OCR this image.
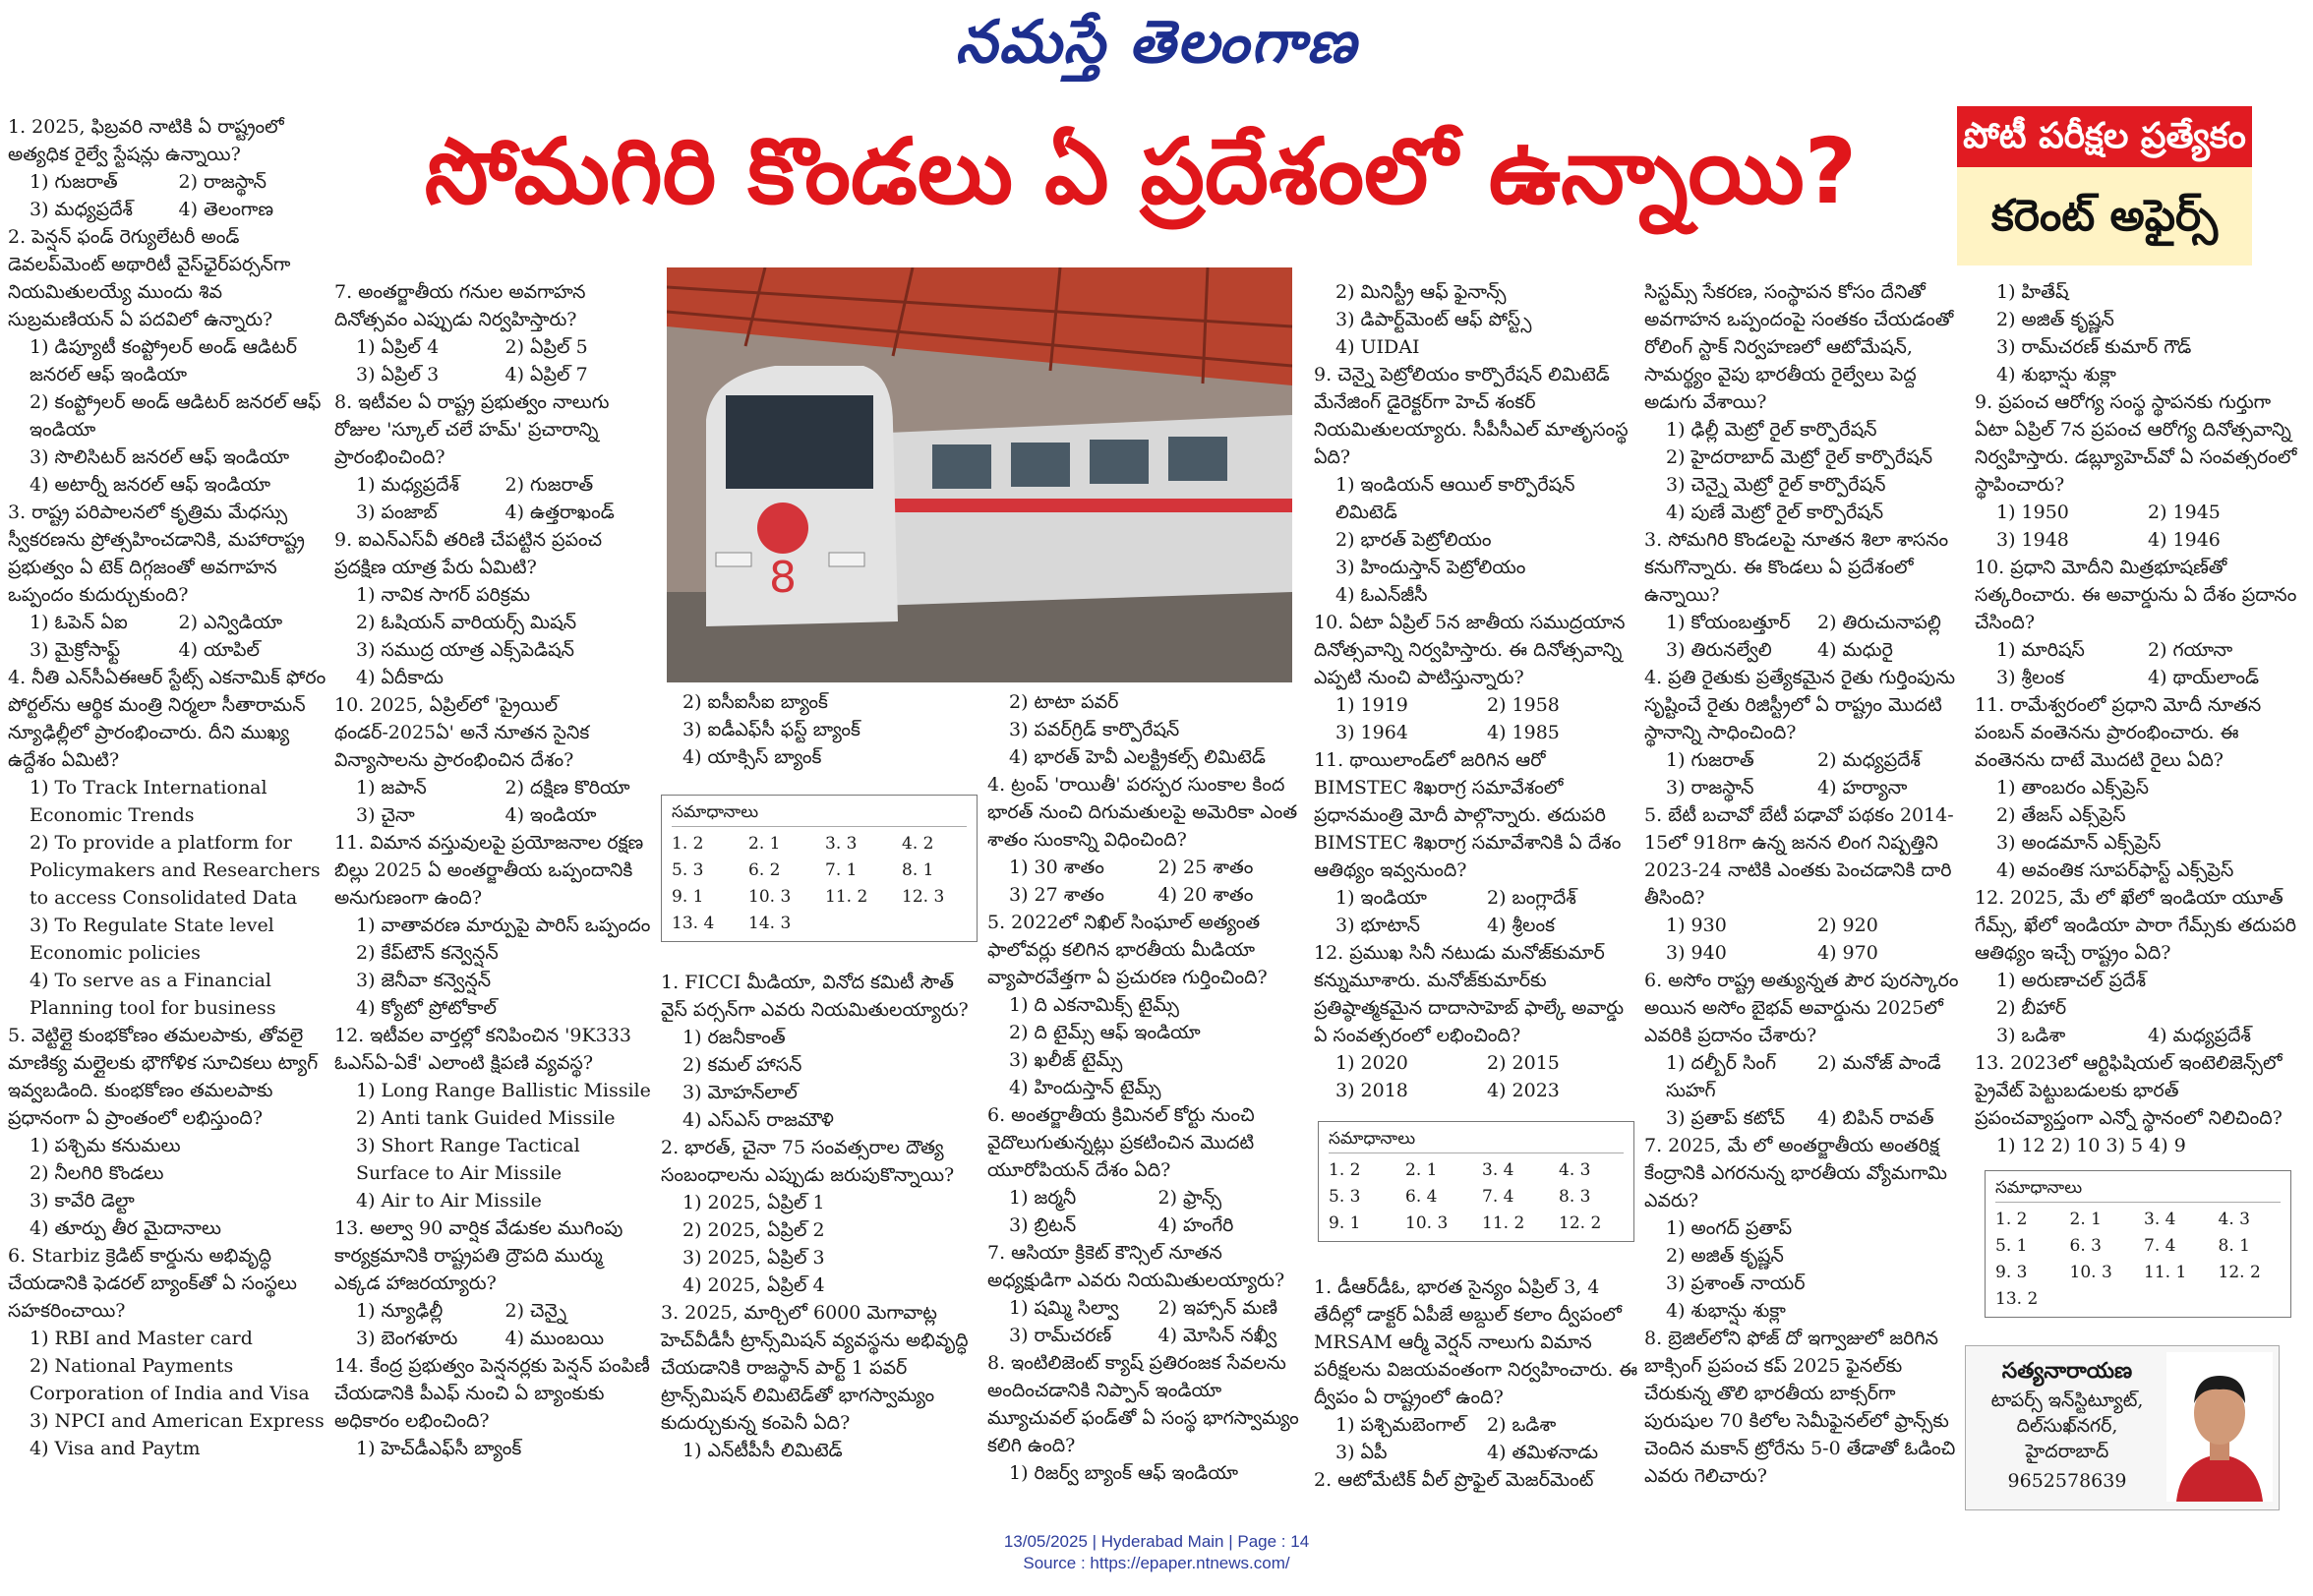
నమస్తే తెలంగాణ
సోమగిరి కొండలు ఏ ప్రదేశంలో ఉన్నాయి?	పోటీ పరీక్షల ప్రత్యేకం
కరెంట్ అఫైర్స్
8

1. 2025, ఫిబ్రవరి నాటికి ఏ రాష్ట్రంలో అత్యధిక రైల్వే స్టేషన్లు ఉన్నాయి?

1) గుజరాత్	2) రాజస్థాన్
3) మధ్యప్రదేశ్	4) తెలంగాణ

2. పెన్షన్ ఫండ్ రెగ్యులేటరీ అండ్ డెవలప్‌మెంట్ అథారిటీ వైస్‌ఛైర్‌పర్సన్‌గా నియమితులయ్యే ముందు శివ సుబ్రమణియన్ ఏ పదవిలో ఉన్నారు?

1) డిప్యూటీ కంప్ట్రోలర్ అండ్ ఆడిటర్ జనరల్ ఆఫ్ ఇండియా

2) కంప్ట్రోలర్ అండ్ ఆడిటర్ జనరల్ ఆఫ్ ఇండియా

3) సొలిసిటర్ జనరల్ ఆఫ్ ఇండియా

4) అటార్నీ జనరల్ ఆఫ్ ఇండియా

3. రాష్ట్ర పరిపాలనలో కృత్రిమ మేధస్సు స్వీకరణను ప్రోత్సహించడానికి, మహారాష్ట్ర ప్రభుత్వం ఏ టెక్ దిగ్గజంతో అవగాహన ఒప్పందం కుదుర్చుకుంది?

1) ఓపెన్ ఏఐ	2) ఎన్విడియా
3) మైక్రోసాఫ్ట్	4) యాపిల్

4. నీతి ఎన్‌సీఏఈఆర్ స్టేట్స్ ఎకనామిక్ ఫోరం పోర్టల్‌ను ఆర్థిక మంత్రి నిర్మలా సీతారామన్ న్యూఢిల్లీలో ప్రారంభించారు. దీని ముఖ్య ఉద్దేశం ఏమిటి?

1) To Track International Economic Trends

2) To provide a platform for Policymakers and Researchers to access Consolidated Data

3) To Regulate State level Economic policies

4) To serve as a Financial Planning tool for business

5. వెట్టిల్లై కుంభకోణం తమలపాకు, తోవలై మాణిక్య మల్లైలకు భౌగోళిక సూచికలు ట్యాగ్ ఇవ్వబడింది. కుంభకోణం తమలపాకు ప్రధానంగా ఏ ప్రాంతంలో లభిస్తుంది?

1) పశ్చిమ కనుమలు

2) నీలగిరి కొండలు

3) కావేరి డెల్టా

4) తూర్పు తీర మైదానాలు

6. Starbiz క్రెడిట్ కార్డును అభివృద్ధి చేయడానికి ఫెడరల్ బ్యాంక్‌తో ఏ సంస్థలు సహకరించాయి?

1) RBI and Master card

2) National Payments Corporation of India and Visa

3) NPCI and American Express

4) Visa and Paytm

7. అంతర్జాతీయ గనుల అవగాహన దినోత్సవం ఎప్పుడు నిర్వహిస్తారు?

1) ఏప్రిల్ 4	2) ఏప్రిల్ 5
3) ఏప్రిల్ 3	4) ఏప్రిల్ 7

8. ఇటీవల ఏ రాష్ట్ర ప్రభుత్వం నాలుగు రోజుల 'స్కూల్ చలే హమ్' ప్రచారాన్ని ప్రారంభించింది?

1) మధ్యప్రదేశ్	2) గుజరాత్
3) పంజాబ్	4) ఉత్తరాఖండ్

9. ఐఎన్‌ఎస్‌వీ తరిణి చేపట్టిన ప్రపంచ ప్రదక్షిణ యాత్ర పేరు ఏమిటి?

1) నావిక సాగర్ పరిక్రమ

2) ఓషియన్ వారియర్స్ మిషన్

3) సముద్ర యాత్ర ఎక్స్‌పెడిషన్

4) ఏదీకాదు

10. 2025, ఏప్రిల్‌లో 'ప్రైయిల్ థండర్-2025ఏ' అనే నూతన సైనిక విన్యాసాలను ప్రారంభించిన దేశం?

1) జపాన్	2) దక్షిణ కొరియా
3) చైనా	4) ఇండియా

11. విమాన వస్తువులపై ప్రయోజనాల రక్షణ బిల్లు 2025 ఏ అంతర్జాతీయ ఒప్పందానికి అనుగుణంగా ఉంది?

1) వాతావరణ మార్పుపై పారిస్ ఒప్పందం

2) కేప్‌టౌన్ కన్వెన్షన్

3) జెనీవా కన్వెన్షన్

4) క్యోటో ప్రోటోకాల్

12. ఇటీవల వార్తల్లో కనిపించిన '9K333 ఓఎస్‌ఏ-ఏకే' ఎలాంటి క్షిపణి వ్యవస్థ?

1) Long Range Ballistic Missile

2) Anti tank Guided Missile

3) Short Range Tactical Surface to Air Missile

4) Air to Air Missile

13. అల్వా 90 వార్షిక వేడుకల ముగింపు కార్యక్రమానికి రాష్ట్రపతి ద్రౌపది ముర్ము ఎక్కడ హాజరయ్యారు?

1) న్యూఢిల్లీ	2) చెన్నై
3) బెంగళూరు	4) ముంబయి

14. కేంద్ర ప్రభుత్వం పెన్షనర్లకు పెన్షన్ పంపిణీ చేయడానికి పీఎఫ్ నుంచి ఏ బ్యాంకుకు అధికారం లభించింది?

1) హెచ్‌డీఎఫ్‌సీ బ్యాంక్

2) ఐసీఐసీఐ బ్యాంక్

3) ఐడీఎఫ్‌సీ ఫస్ట్ బ్యాంక్

4) యాక్సిస్ బ్యాంక్

సమాధానాలు
1. 2	2. 1	3. 3	4. 2
5. 3	6. 2	7. 1	8. 1
9. 1	10. 3	11. 2	12. 3
13. 4	14. 3

1. FICCI మీడియా, వినోద కమిటీ సౌత్ వైస్ పర్సన్‌గా ఎవరు నియమితులయ్యారు?

1) రజనీకాంత్

2) కమల్ హాసన్

3) మోహన్‌లాల్

4) ఎస్ఎస్ రాజమౌళి

2. భారత్, చైనా 75 సంవత్సరాల దౌత్య సంబంధాలను ఎప్పుడు జరుపుకొన్నాయి?

1) 2025, ఏప్రిల్ 1

2) 2025, ఏప్రిల్ 2

3) 2025, ఏప్రిల్ 3

4) 2025, ఏప్రిల్ 4

3. 2025, మార్చిలో 6000 మెగావాట్ల హెచ్‌వీడీసీ ట్రాన్స్‌మిషన్ వ్యవస్థను అభివృద్ధి చేయడానికి రాజస్థాన్ పార్ట్ 1 పవర్ ట్రాన్స్‌మిషన్ లిమిటెడ్‌తో భాగస్వామ్యం కుదుర్చుకున్న కంపెనీ ఏది?

1) ఎన్‌టీపీసీ లిమిటెడ్

2) టాటా పవర్

3) పవర్‌గ్రిడ్ కార్పొరేషన్

4) భారత్ హెవీ ఎలక్ట్రికల్స్ లిమిటెడ్

4. ట్రంప్ 'రాయితీ' పరస్పర సుంకాల కింద భారత్ నుంచి దిగుమతులపై అమెరికా ఎంత శాతం సుంకాన్ని విధించింది?

1) 30 శాతం	2) 25 శాతం
3) 27 శాతం	4) 20 శాతం

5. 2022లో నిఖిల్ సింఘాల్ అత్యంత ఫాలోవర్లు కలిగిన భారతీయ మీడియా వ్యాపారవేత్తగా ఏ ప్రచురణ గుర్తించింది?

1) ది ఎకనామిక్స్ టైమ్స్

2) ది టైమ్స్ ఆఫ్ ఇండియా

3) ఖలీజ్ టైమ్స్

4) హిందుస్తాన్ టైమ్స్

6. అంతర్జాతీయ క్రిమినల్ కోర్టు నుంచి వైదొలుగుతున్నట్లు ప్రకటించిన మొదటి యూరోపియన్ దేశం ఏది?

1) జర్మనీ	2) ఫ్రాన్స్
3) బ్రిటన్	4) హంగేరి

7. ఆసియా క్రికెట్ కౌన్సిల్ నూతన అధ్యక్షుడిగా ఎవరు నియమితులయ్యారు?

1) షమ్మి సిల్వా	2) ఇహ్సాన్ మణి
3) రామ్‌చరణ్	4) మోసిన్ నఖ్వీ

8. ఇంటిలిజెంట్ క్యాష్ ప్రతిరంజక సేవలను అందించడానికి నిప్పాన్ ఇండియా మ్యూచువల్ ఫండ్‌తో ఏ సంస్థ భాగస్వామ్యం కలిగి ఉంది?

1) రిజర్వ్ బ్యాంక్ ఆఫ్ ఇండియా

2) మినిస్ట్రీ ఆఫ్ ఫైనాన్స్

3) డిపార్ట్‌మెంట్ ఆఫ్ పోస్ట్స్

4) UIDAI

9. చెన్నై పెట్రోలియం కార్పొరేషన్ లిమిటెడ్ మేనేజింగ్ డైరెక్టర్‌గా హెచ్ శంకర్ నియమితులయ్యారు. సీపీసీఎల్ మాతృసంస్థ ఏది?

1) ఇండియన్ ఆయిల్ కార్పొరేషన్ లిమిటెడ్

2) భారత్ పెట్రోలియం

3) హిందుస్తాన్ పెట్రోలియం

4) ఓఎన్‌జీసీ

10. ఏటా ఏప్రిల్ 5న జాతీయ సముద్రయాన దినోత్సవాన్ని నిర్వహిస్తారు. ఈ దినోత్సవాన్ని ఎప్పటి నుంచి పాటిస్తున్నారు?

1) 1919	2) 1958
3) 1964	4) 1985

11. థాయిలాండ్‌లో జరిగిన ఆరో BIMSTEC శిఖరాగ్ర సమావేశంలో ప్రధానమంత్రి మోదీ పాల్గొన్నారు. తదుపరి BIMSTEC శిఖరాగ్ర సమావేశానికి ఏ దేశం ఆతిథ్యం ఇవ్వనుంది?

1) ఇండియా	2) బంగ్లాదేశ్
3) భూటాన్	4) శ్రీలంక

12. ప్రముఖ సినీ నటుడు మనోజ్‌కుమార్ కన్నుమూశారు. మనోజ్‌కుమార్‌కు ప్రతిష్ఠాత్మకమైన దాదాసాహెబ్ ఫాల్కే అవార్డు ఏ సంవత్సరంలో లభించింది?

1) 2020	2) 2015
3) 2018	4) 2023
సమాధానాలు
1. 2	2. 1	3. 4	4. 3
5. 3	6. 4	7. 4	8. 3
9. 1	10. 3	11. 2	12. 2

1. డీఆర్‌డీఓ, భారత సైన్యం ఏప్రిల్ 3, 4 తేదీల్లో డాక్టర్ ఏపీజే అబ్దుల్ కలాం ద్వీపంలో MRSAM ఆర్మీ వెర్షన్ నాలుగు విమాన పరీక్షలను విజయవంతంగా నిర్వహించారు. ఈ ద్వీపం ఏ రాష్ట్రంలో ఉంది?

1) పశ్చిమబెంగాల్	2) ఒడిశా
3) ఏపీ	4) తమిళనాడు

2. ఆటోమేటిక్ వీల్ ప్రొఫైల్ మెజర్‌మెంట్

సిస్టమ్స్ సేకరణ, సంస్థాపన కోసం దేనితో అవగాహన ఒప్పందంపై సంతకం చేయడంతో రోలింగ్ స్టాక్ నిర్వహణలో ఆటోమేషన్, సామర్థ్యం వైపు భారతీయ రైల్వేలు పెద్ద అడుగు వేశాయి?

1) ఢిల్లీ మెట్రో రైల్ కార్పొరేషన్

2) హైదరాబాద్ మెట్రో రైల్ కార్పొరేషన్

3) చెన్నై మెట్రో రైల్ కార్పొరేషన్

4) పుణే మెట్రో రైల్ కార్పొరేషన్

3. సోమగిరి కొండలపై నూతన శిలా శాసనం కనుగొన్నారు. ఈ కొండలు ఏ ప్రదేశంలో ఉన్నాయి?

1) కోయంబత్తూర్	2) తిరుచునాపల్లి
3) తిరునల్వేలి	4) మధురై

4. ప్రతి రైతుకు ప్రత్యేకమైన రైతు గుర్తింపును సృష్టించే రైతు రిజిస్ట్రీలో ఏ రాష్ట్రం మొదటి స్థానాన్ని సాధించింది?

1) గుజరాత్	2) మధ్యప్రదేశ్
3) రాజస్థాన్	4) హర్యానా

5. బేటీ బచావో బేటీ పఢావో పథకం 2014-15లో 918గా ఉన్న జనన లింగ నిష్పత్తిని 2023-24 నాటికి ఎంతకు పెంచడానికి దారి తీసింది?

1) 930	2) 920
3) 940	4) 970

6. అసోం రాష్ట్ర అత్యున్నత పౌర పురస్కారం అయిన అసోం బైభవ్ అవార్డును 2025లో ఎవరికి ప్రదానం చేశారు?

1) దల్బీర్ సింగ్ సుహగ్
2) మనోజ్ పాండే
3) ప్రతాప్ కటోచ్	4) బిపిన్ రావత్

7. 2025, మే లో అంతర్జాతీయ అంతరిక్ష కేంద్రానికి ఎగరనున్న భారతీయ వ్యోమగామి ఎవరు?

1) అంగద్ ప్రతాప్

2) అజిత్ కృష్ణన్

3) ప్రశాంత్ నాయర్

4) శుభాన్షు శుక్లా

8. బ్రెజిల్‌లోని ఫోజ్ దో ఇగ్వాజులో జరిగిన బాక్సింగ్ ప్రపంచ కప్ 2025 ఫైనల్‌కు చేరుకున్న తొలి భారతీయ బాక్సర్‌గా పురుషుల 70 కిలోల సెమీఫైనల్‌లో ఫ్రాన్స్‌కు చెందిన మకాన్ ట్రోరేను 5-0 తేడాతో ఓడించి ఎవరు గెలిచారు?

1) హితేష్

2) అజిత్ కృష్ణన్

3) రామ్‌చరణ్ కుమార్ గౌడ్

4) శుభాన్షు శుక్లా

9. ప్రపంచ ఆరోగ్య సంస్థ స్థాపనకు గుర్తుగా ఏటా ఏప్రిల్ 7న ప్రపంచ ఆరోగ్య దినోత్సవాన్ని నిర్వహిస్తారు. డబ్ల్యూహెచ్‌వో ఏ సంవత్సరంలో స్థాపించారు?

1) 1950	2) 1945
3) 1948	4) 1946

10. ప్రధాని మోదీని మిత్రభూషణ్‌తో సత్కరించారు. ఈ అవార్డును ఏ దేశం ప్రదానం చేసింది?

1) మారిషస్	2) గయానా
3) శ్రీలంక	4) థాయ్‌లాండ్

11. రామేశ్వరంలో ప్రధాని మోదీ నూతన పంబన్ వంతెనను ప్రారంభించారు. ఈ వంతెనను దాటే మొదటి రైలు ఏది?

1) తాంబరం ఎక్స్‌ప్రెస్

2) తేజస్ ఎక్స్‌ప్రెస్

3) అండమాన్ ఎక్స్‌ప్రెస్

4) అవంతిక సూపర్‌ఫాస్ట్ ఎక్స్‌ప్రెస్

12. 2025, మే లో ఖేలో ఇండియా యూత్ గేమ్స్, ఖేలో ఇండియా పారా గేమ్స్‌కు తదుపరి ఆతిథ్యం ఇచ్చే రాష్ట్రం ఏది?

1) అరుణాచల్ ప్రదేశ్

2) బీహార్

3) ఒడిశా	4) మధ్యప్రదేశ్

13. 2023లో ఆర్టిఫిషియల్ ఇంటెలిజెన్స్‌లో ప్రైవేట్ పెట్టుబడులకు భారత్ ప్రపంచవ్యాప్తంగా ఎన్నో స్థానంలో నిలిచింది?

1) 12 2) 10 3) 5 4) 9

సమాధానాలు
1. 2	2. 1	3. 4	4. 3
5. 1	6. 3	7. 4	8. 1
9. 3	10. 3	11. 1	12. 2
13. 2
సత్యనారాయణ
టాపర్స్ ఇన్‌స్టిట్యూట్, దిల్‌సుఖ్‌నగర్, హైదరాబాద్
9652578639
13/05/2025 | Hyderabad Main | Page : 14
Source : https://epaper.ntnews.com/
